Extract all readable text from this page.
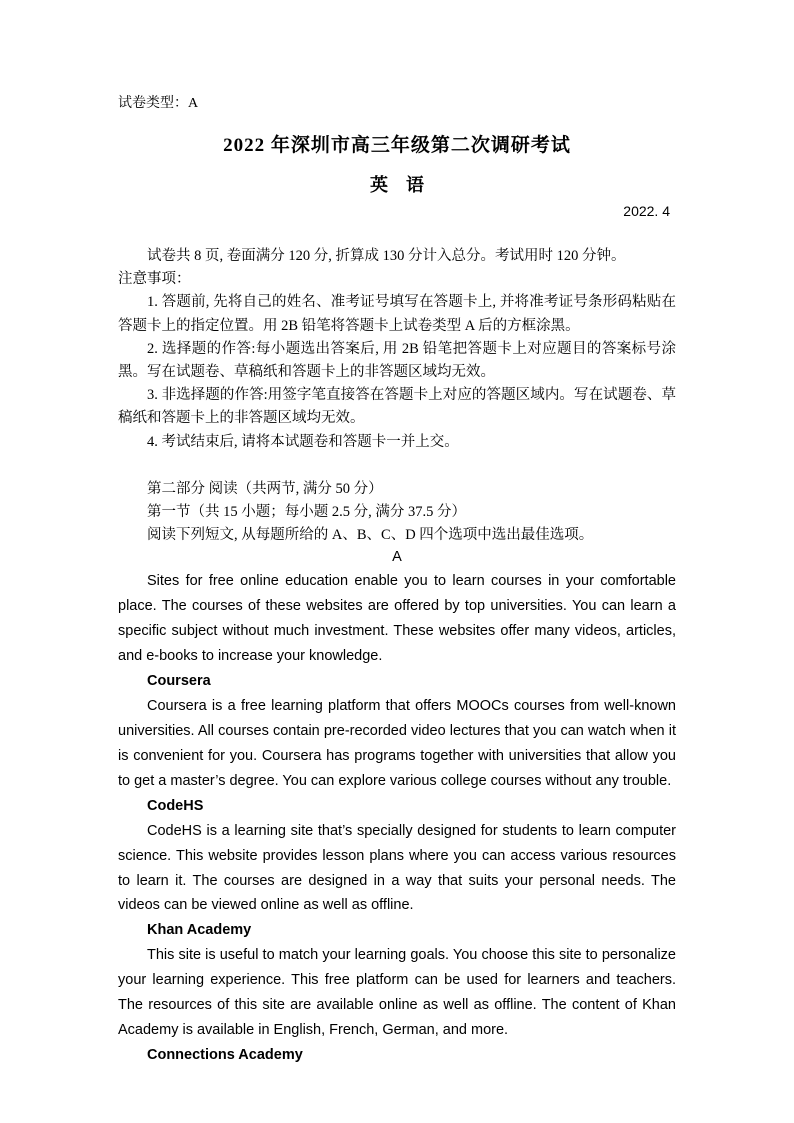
试卷类型：A
2022 年深圳市高三年级第二次调研考试
英    语
2022. 4

试卷共 8 页, 卷面满分 120 分, 折算成 130 分计入总分。考试用时 120 分钟。

注意事项：

1. 答题前, 先将自己的姓名、准考证号填写在答题卡上, 并将准考证号条形码粘贴在答题卡上的指定位置。用 2B 铅笔将答题卡上试卷类型 A 后的方框涂黑。

2. 选择题的作答:每小题选出答案后, 用 2B 铅笔把答题卡上对应题目的答案标号涂黑。写在试题卷、草稿纸和答题卡上的非答题区域均无效。

3. 非选择题的作答:用签字笔直接答在答题卡上对应的答题区域内。写在试题卷、草稿纸和答题卡上的非答题区域均无效。

4. 考试结束后, 请将本试题卷和答题卡一并上交。

第二部分 阅读（共两节, 满分 50 分）

第一节（共 15 小题；每小题 2.5 分, 满分 37.5 分）

阅读下列短文, 从每题所给的 A、B、C、D 四个选项中选出最佳选项。

A

Sites for free online education enable you to learn courses in your comfortable place. The courses of these websites are offered by top universities. You can learn a specific subject without much investment. These websites offer many videos, articles, and e-books to increase your knowledge.

Coursera

Coursera is a free learning platform that offers MOOCs courses from well-known universities. All courses contain pre-recorded video lectures that you can watch when it is convenient for you. Coursera has programs together with universities that allow you to get a master’s degree. You can explore various college courses without any trouble.

CodeHS

CodeHS is a learning site that’s specially designed for students to learn computer science. This website provides lesson plans where you can access various resources to learn it. The courses are designed in a way that suits your personal needs. The videos can be viewed online as well as offline.

Khan Academy

This site is useful to match your learning goals. You choose this site to personalize your learning experience. This free platform can be used for learners and teachers. The resources of this site are available online as well as offline. The content of Khan Academy is available in English, French, German, and more.

Connections Academy
